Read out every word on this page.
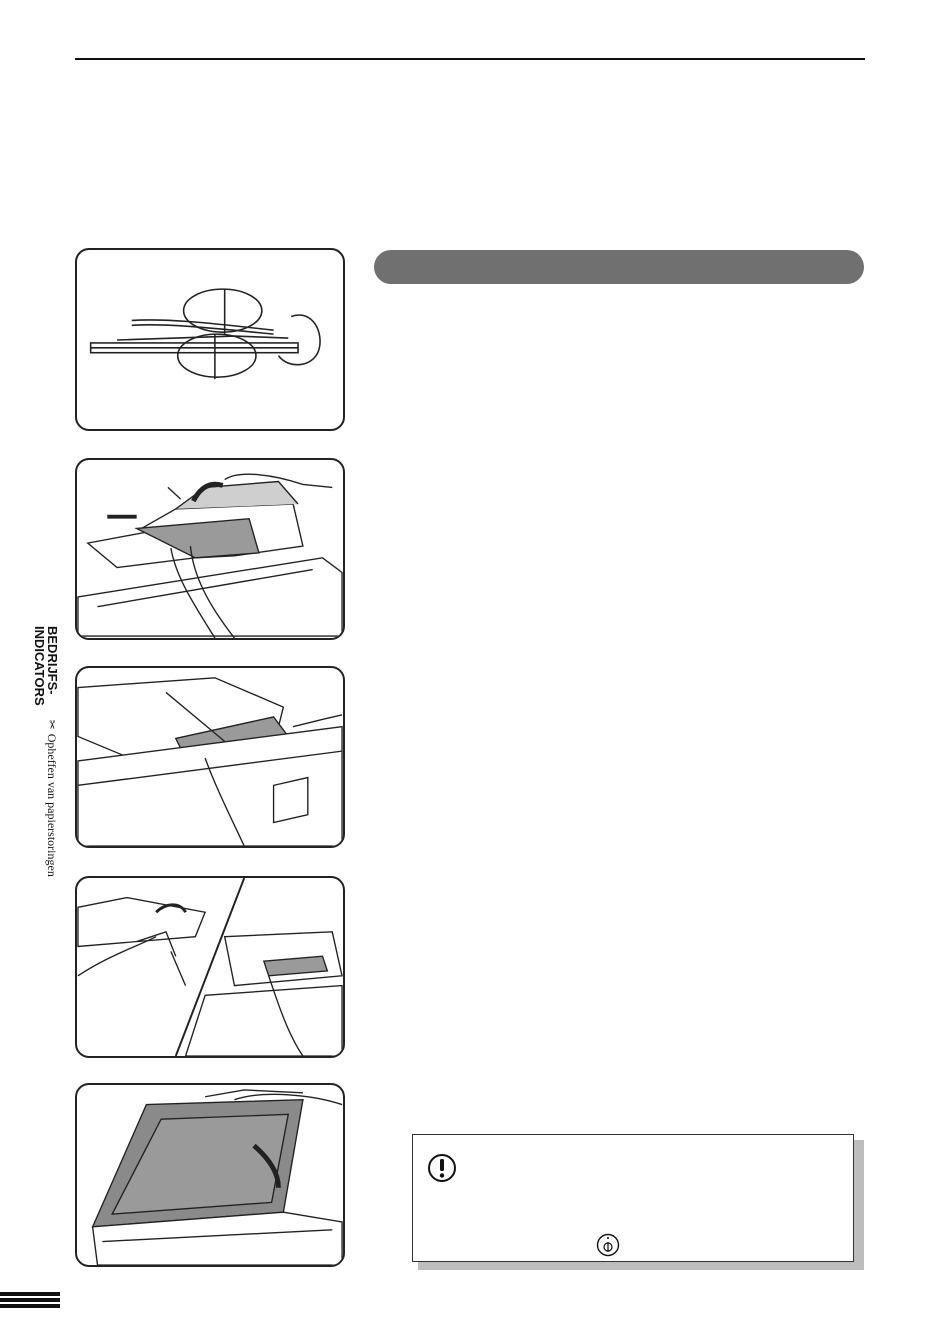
BEDRIJFS-
INDICATORS
✂
Opheffen van papierstoringen
